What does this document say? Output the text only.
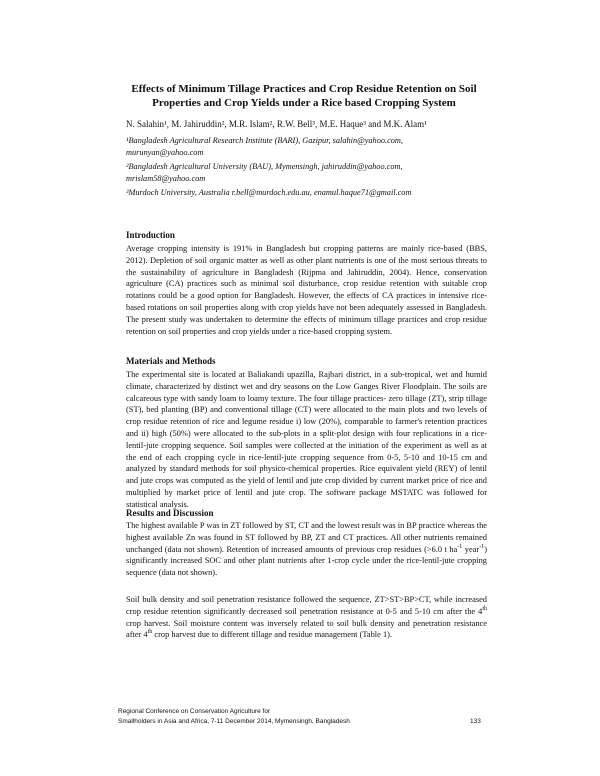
Effects of Minimum Tillage Practices and Crop Residue Retention on Soil Properties and Crop Yields under a Rice based Cropping System

N. Salahin¹, M. Jahiruddin², M.R. Islam², R.W. Bell³, M.E. Haque³ and M.K. Alam¹

¹Bangladesh Agricultural Research Institute (BARI), Gazipur, salahin@yahoo.com,

murunyan@yahoo.com

²Bangladesh Agricultural University (BAU), Mymensingh, jahiruddin@yahoo.com,

mrislam58@yahoo.com

³Murdoch University, Australia r.bell@murdoch.edu.au, enamul.haque71@gmail.com

Introduction

Average cropping intensity is 191% in Bangladesh but cropping patterns are mainly rice-based (BBS, 2012). Depletion of soil organic matter as well as other plant nutrients is one of the most serious threats to the sustainability of agriculture in Bangladesh (Rijpma and Jahiruddin, 2004). Hence, conservation agriculture (CA) practices such as minimal soil disturbance, crop residue retention with suitable crop rotations could be a good option for Bangladesh. However, the effects of CA practices in intensive rice-based rotations on soil properties along with crop yields have not been adequately assessed in Bangladesh. The present study was undertaken to determine the effects of minimum tillage practices and crop residue retention on soil properties and crop yields under a rice-based cropping system.

Materials and Methods

The experimental site is located at Baliakandi upazilla, Rajbari district, in a sub-tropical, wet and humid climate, characterized by distinct wet and dry seasons on the Low Ganges River Floodplain. The soils are calcareous type with sandy loam to loamy texture. The four tillage practices- zero tillage (ZT), strip tillage (ST), bed planting (BP) and conventional tillage (CT) were allocated to the main plots and two levels of crop residue retention of rice and legume residue i) low (20%), comparable to farmer's retention practices and ii) high (50%) were allocated to the sub-plots in a split-plot design with four replications in a rice-lentil-jute cropping sequence. Soil samples were collected at the initiation of the experiment as well as at the end of each cropping cycle in rice-lentil-jute cropping sequence from 0-5, 5-10 and 10-15 cm and analyzed by standard methods for soil physico-chemical properties. Rice equivalent yield (REY) of lentil and jute crops was computed as the yield of lentil and jute crop divided by current market price of rice and multiplied by market price of lentil and jute crop. The software package MSTATC was followed for statistical analysis.

Results and Discussion

The highest available P was in ZT followed by ST, CT and the lowest result was in BP practice whereas the highest available Zn was found in ST followed by BP, ZT and CT practices. All other nutrients remained unchanged (data not shown). Retention of increased amounts of previous crop residues (>6.0 t $ha^{-1}$ year$^{-1}$) significantly increased SOC and other plant nutrients after 1-crop cycle under the rice-lentil-jute cropping sequence (data not shown).

Soil bulk density and soil penetration resistance followed the sequence, ZT>ST>BP>CT, while increased crop residue retention significantly decreased soil penetration resistance at 0-5 and 5-10 cm after the 4th crop harvest. Soil moisture content was inversely related to soil bulk density and penetration resistance after 4th crop harvest due to different tillage and residue management (Table 1).

Regional Conference on Conservation Agriculture for

Smallholders in Asia and Africa, 7-11 December 2014, Mymensingh, Bangladesh	133
